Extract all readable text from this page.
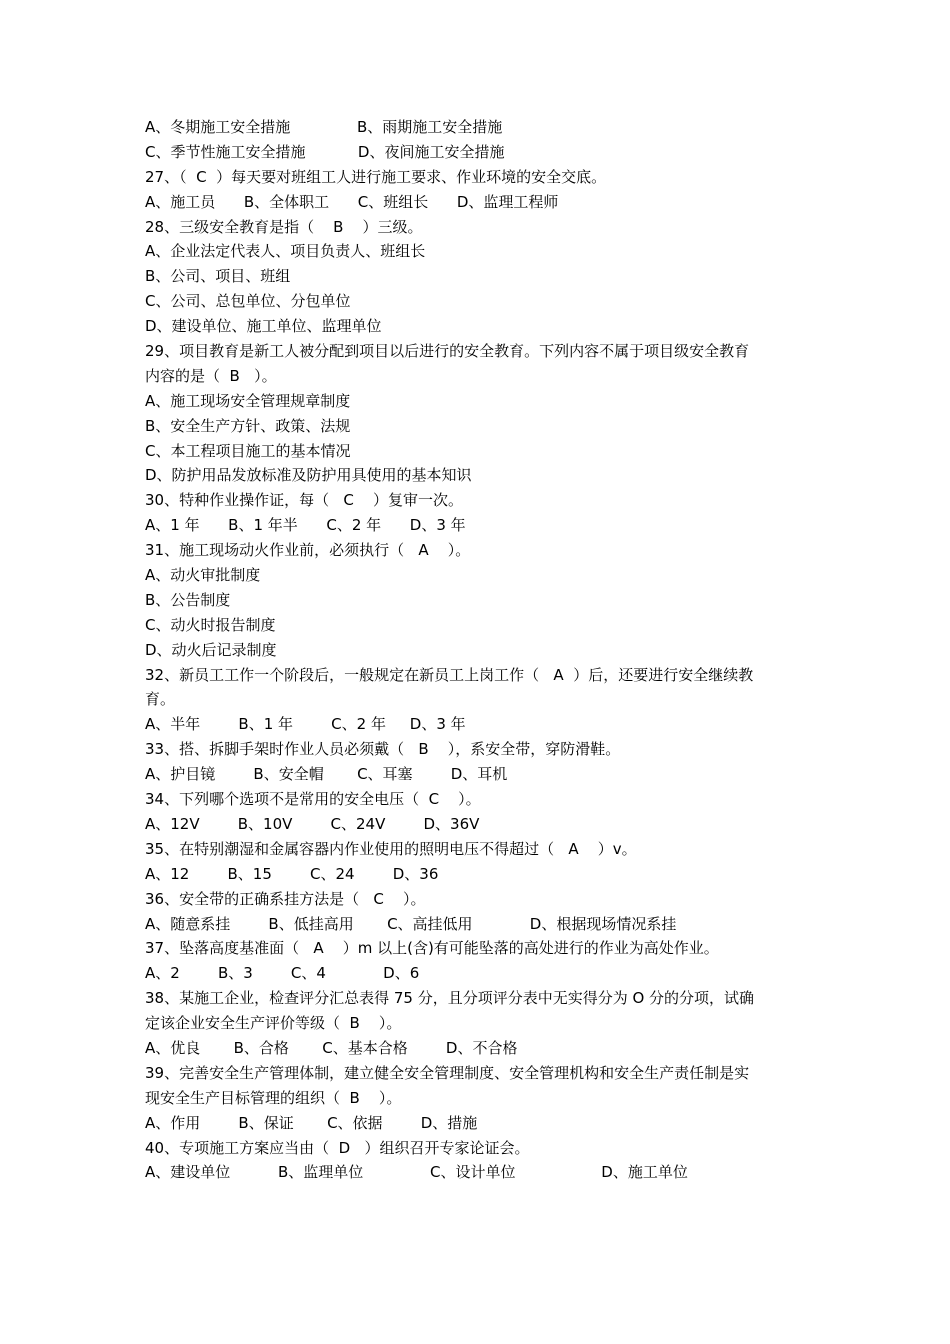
A、冬期施工安全措施              B、雨期施工安全措施
C、季节性施工安全措施           D、夜间施工安全措施
27、（  C  ）每天要对班组工人进行施工要求、作业环境的安全交底。
A、施工员      B、全体职工      C、班组长      D、监理工程师
28、三级安全教育是指（    B    ）三级。
A、企业法定代表人、项目负责人、班组长
B、公司、项目、班组
C、公司、总包单位、分包单位
D、建设单位、施工单位、监理单位
29、项目教育是新工人被分配到项目以后进行的安全教育。下列内容不属于项目级安全教育
内容的是（  B   ）。
A、施工现场安全管理规章制度
B、安全生产方针、政策、法规
C、本工程项目施工的基本情况
D、防护用品发放标准及防护用具使用的基本知识
30、特种作业操作证，每（   C    ）复审一次。
A、1 年      B、1 年半      C、2 年      D、3 年
31、施工现场动火作业前，必须执行（   A    ）。
A、动火审批制度
B、公告制度
C、动火时报告制度
D、动火后记录制度
32、新员工工作一个阶段后，一般规定在新员工上岗工作（   A  ）后，还要进行安全继续教
育。
A、半年        B、1 年        C、2 年     D、3 年
33、搭、拆脚手架时作业人员必须戴（   B    ），系安全带，穿防滑鞋。
A、护目镜        B、安全帽       C、耳塞        D、耳机
34、下列哪个选项不是常用的安全电压（  C    ）。
A、12V        B、10V        C、24V        D、36V
35、在特别潮湿和金属容器内作业使用的照明电压不得超过（   A    ）v。
A、12        B、15        C、24        D、36
36、安全带的正确系挂方法是（   C    ）。
A、随意系挂        B、低挂高用       C、高挂低用            D、根据现场情况系挂
37、坠落高度基准面（   A    ）m 以上(含)有可能坠落的高处进行的作业为高处作业。
A、2        B、3        C、4            D、6
38、某施工企业，检查评分汇总表得 75 分，且分项评分表中无实得分为 O 分的分项，试确
定该企业安全生产评价等级（  B    ）。
A、优良       B、合格       C、基本合格        D、不合格
39、完善安全生产管理体制，建立健全安全管理制度、安全管理机构和安全生产责任制是实
现安全生产目标管理的组织（  B    ）。
A、作用        B、保证       C、依据        D、措施
40、专项施工方案应当由（  D   ）组织召开专家论证会。
A、建设单位          B、监理单位              C、设计单位                  D、施工单位
